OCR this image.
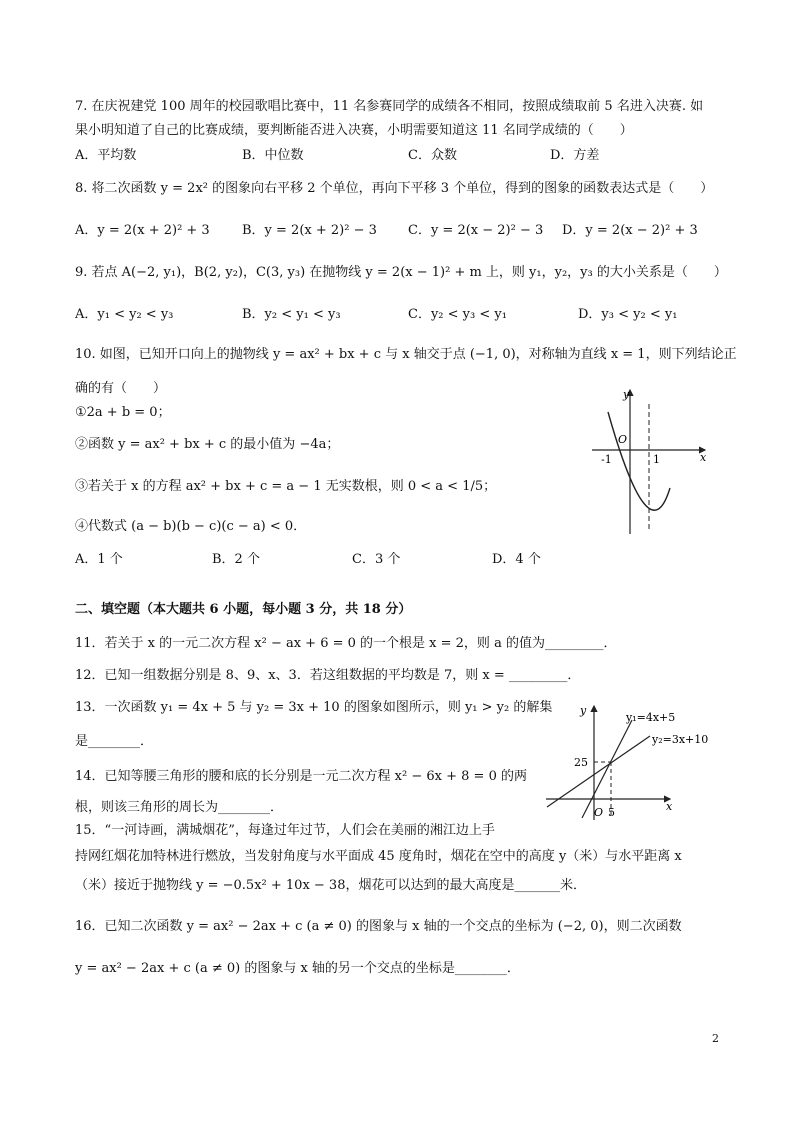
7. 在庆祝建党 100 周年的校园歌唱比赛中，11 名参赛同学的成绩各不相同，按照成绩取前 5 名进入决赛. 如
果小明知道了自己的比赛成绩，要判断能否进入决赛，小明需要知道这 11 名同学成绩的（　　）
A．平均数	B．中位数	C．众数	D．方差
8. 将二次函数 y = 2x² 的图象向右平移 2 个单位，再向下平移 3 个单位，得到的图象的函数表达式是（　　）
A．y = 2(x + 2)² + 3 B．y = 2(x + 2)² − 3 C．y = 2(x − 2)² − 3 D．y = 2(x − 2)² + 3
9. 若点 A(−2, y₁)，B(2, y₂)，C(3, y₃) 在抛物线 y = 2(x − 1)² + m 上，则 y₁，y₂，y₃ 的大小关系是（　　）
A．y₁ < y₂ < y₃	B．y₂ < y₁ < y₃	C．y₂ < y₃ < y₁	D．y₃ < y₂ < y₁
10. 如图，已知开口向上的抛物线 y = ax² + bx + c 与 x 轴交于点 (−1, 0)，对称轴为直线 x = 1，则下列结论正
确的有（　　）
①2a + b = 0；
②函数 y = ax² + bx + c 的最小值为 −4a；
③若关于 x 的方程 ax² + bx + c = a − 1 无实数根，则 0 < a < 1/5；
④代数式 (a − b)(b − c)(c − a) < 0．
A．1 个	B．2 个	C．3 个	D．4 个
y
x
O
-1	1
二、填空题（本大题共 6 小题，每小题 3 分，共 18 分）
11．若关于 x 的一元二次方程 x² − ax + 6 = 0 的一个根是 x = 2，则 a 的值为_________．
12．已知一组数据分别是 8、9、x、3．若这组数据的平均数是 7，则 x = _________．
13．一次函数 y₁ = 4x + 5 与 y₂ = 3x + 10 的图象如图所示，则 y₁ > y₂ 的解集
是________．
y
x
O 5
25
y₁=4x+5
y₂=3x+10
14．已知等腰三角形的腰和底的长分别是一元二次方程 x² − 6x + 8 = 0 的两
根，则该三角形的周长为________．
15．“一河诗画，满城烟花”，每逢过年过节，人们会在美丽的湘江边上手
持网红烟花加特林进行燃放，当发射角度与水平面成 45 度角时，烟花在空中的高度 y（米）与水平距离 x
（米）接近于抛物线 y = −0.5x² + 10x − 38，烟花可以达到的最大高度是_______米．
16．已知二次函数 y = ax² − 2ax + c (a ≠ 0) 的图象与 x 轴的一个交点的坐标为 (−2, 0)，则二次函数
y = ax² − 2ax + c (a ≠ 0) 的图象与 x 轴的另一个交点的坐标是________．
2
